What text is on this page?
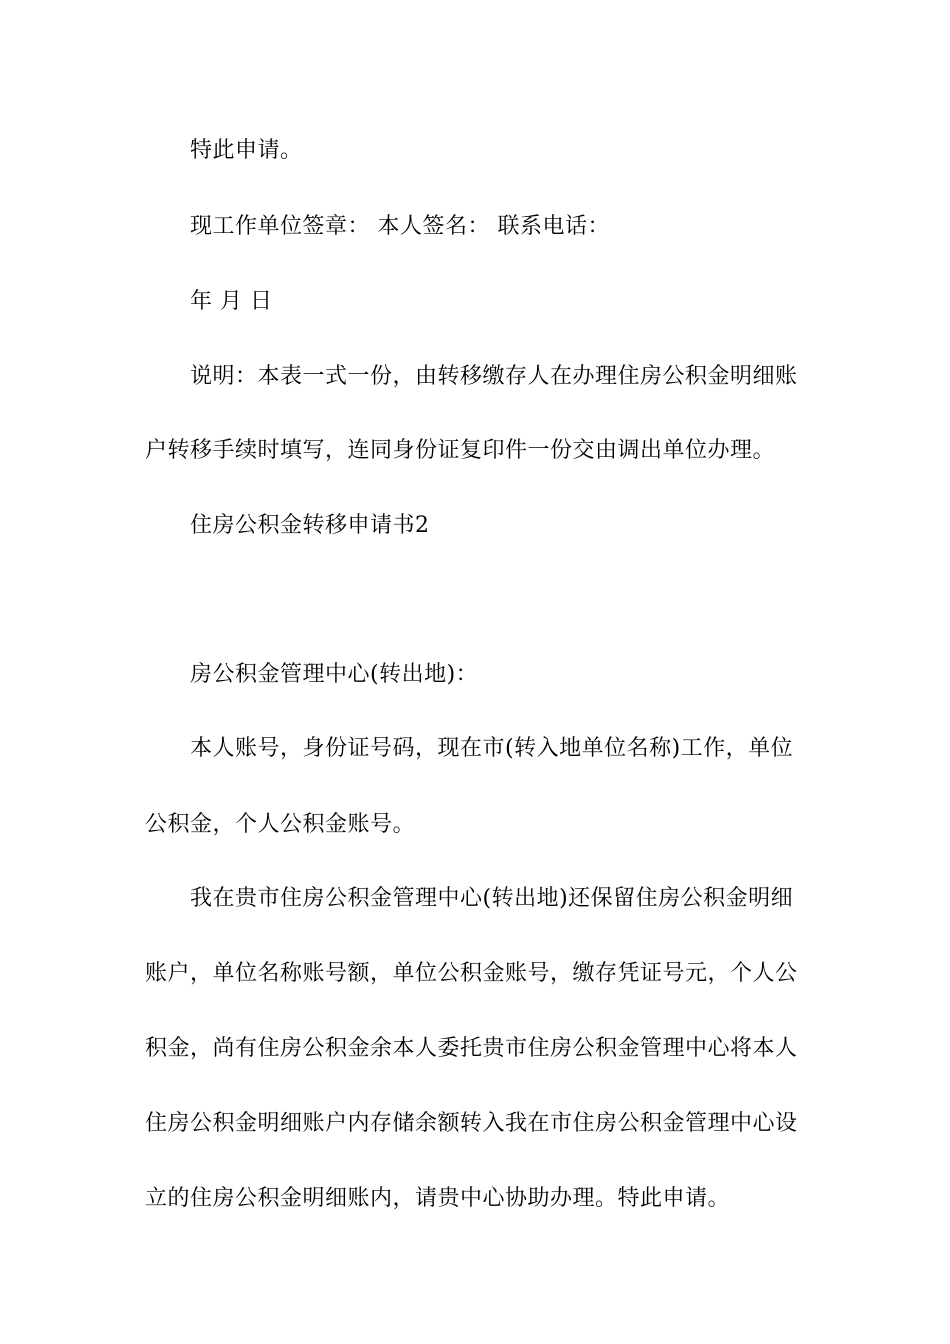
特此申请。
现工作单位签章： 本人签名： 联系电话：
年 月 日
说明：本表一式一份，由转移缴存人在办理住房公积金明细账
户转移手续时填写，连同身份证复印件一份交由调出单位办理。
住房公积金转移申请书2
房公积金管理中心(转出地)：
本人账号，身份证号码，现在市(转入地单位名称)工作，单位
公积金，个人公积金账号。
我在贵市住房公积金管理中心(转出地)还保留住房公积金明细
账户，单位名称账号额，单位公积金账号，缴存凭证号元，个人公
积金，尚有住房公积金余本人委托贵市住房公积金管理中心将本人
住房公积金明细账户内存储余额转入我在市住房公积金管理中心设
立的住房公积金明细账内，请贵中心协助办理。特此申请。
